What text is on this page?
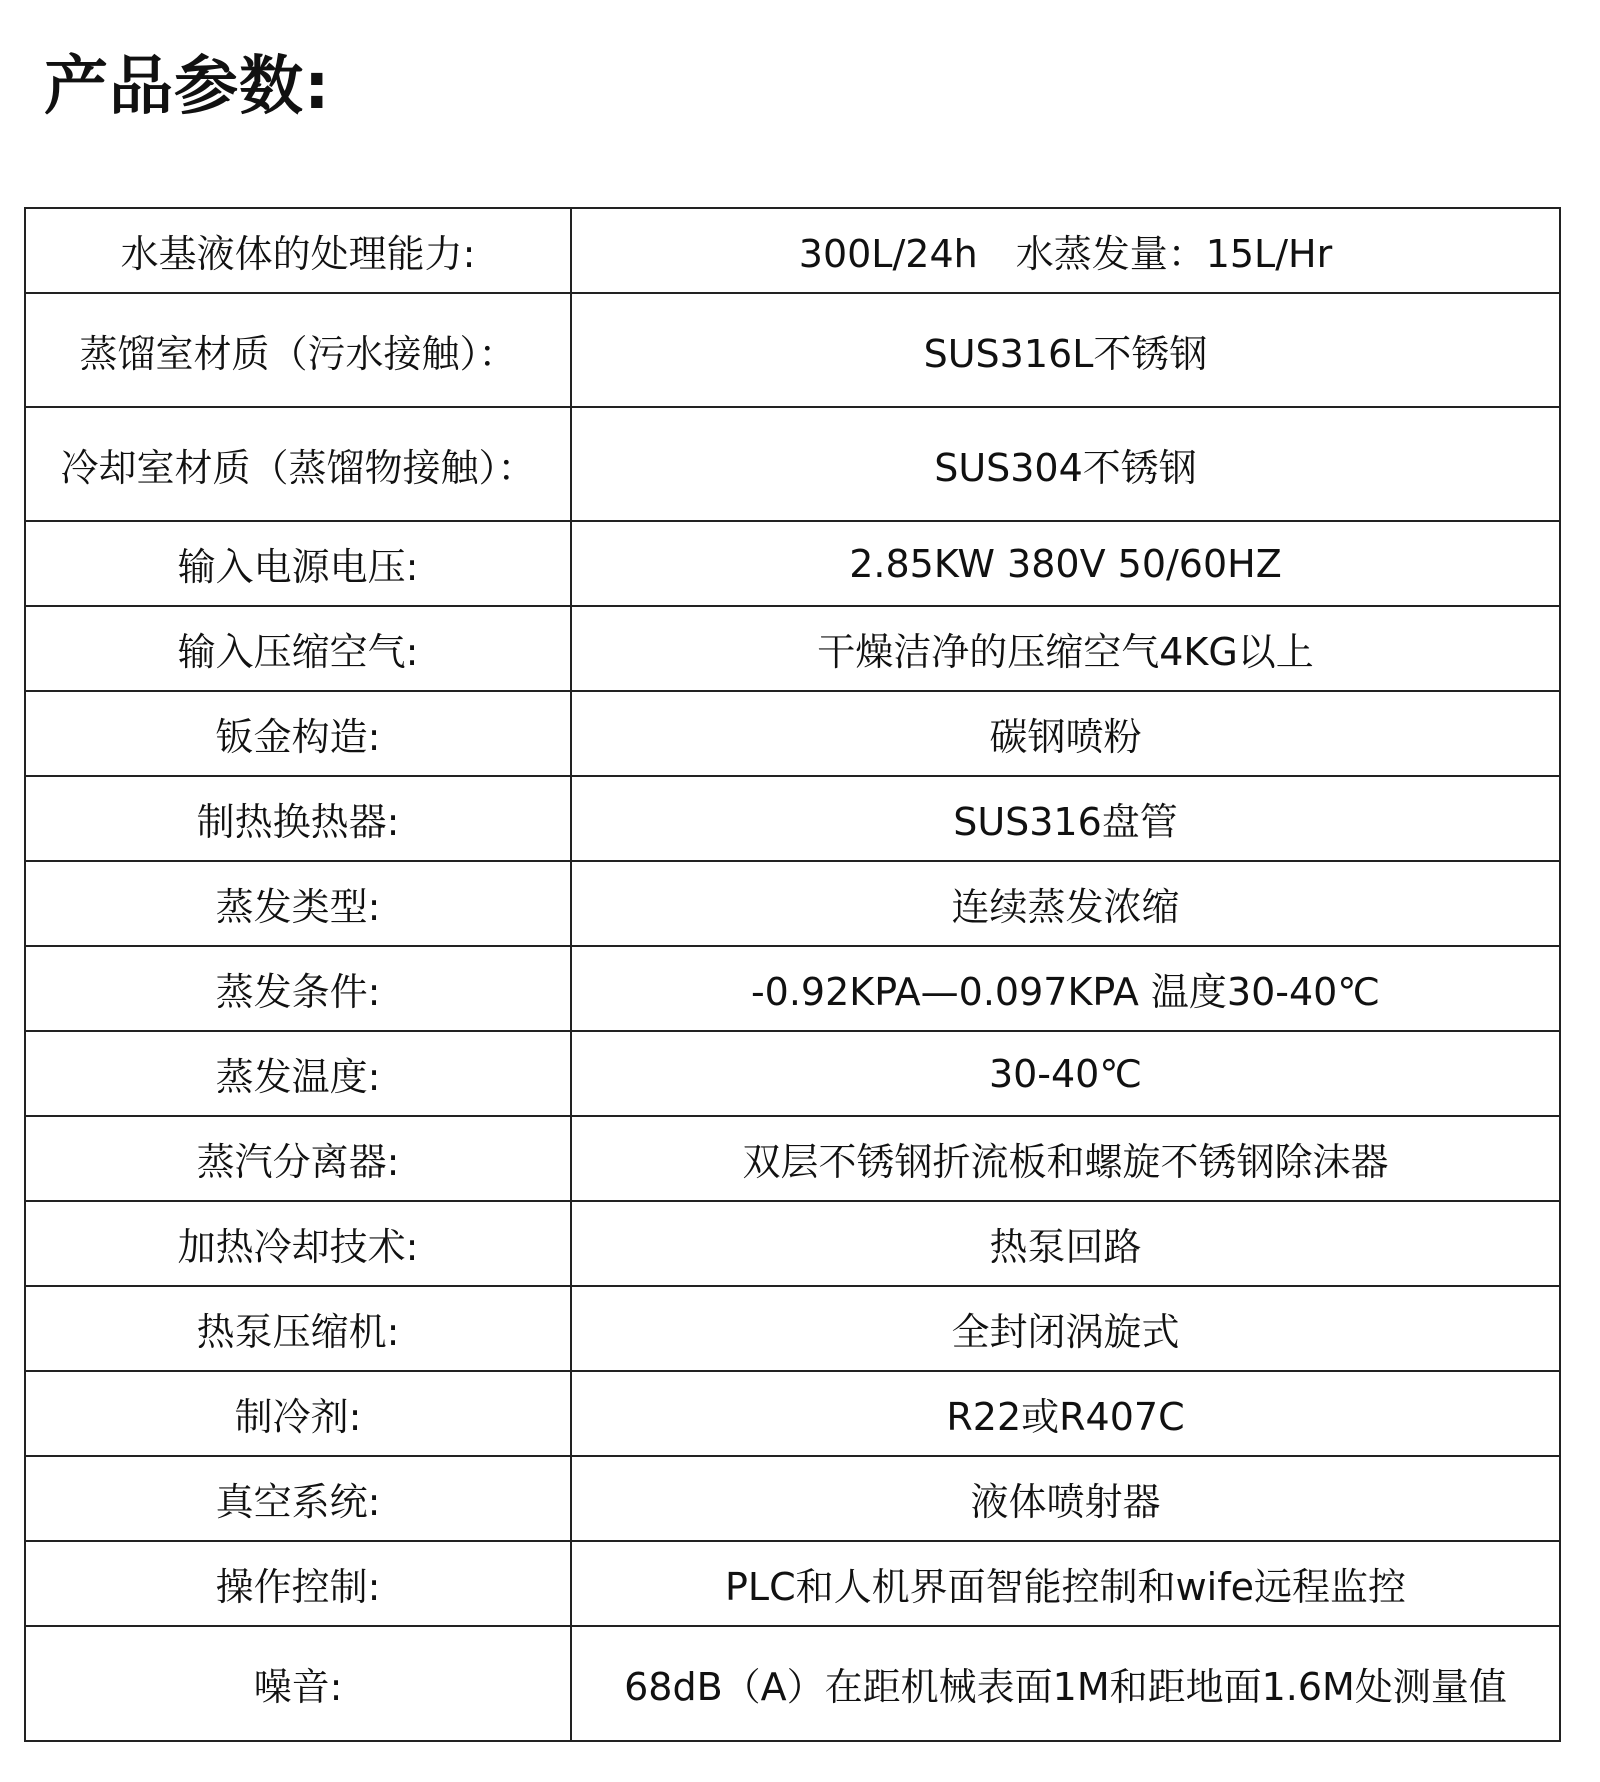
产品参数:
水基液体的处理能力:	300L/24h　水蒸发量：15L/Hr
蒸馏室材质（污水接触）：	SUS316L不锈钢
冷却室材质（蒸馏物接触）：	SUS304不锈钢
输入电源电压:	2.85KW 380V 50/60HZ
输入压缩空气:	干燥洁净的压缩空气4KG以上
钣金构造:	碳钢喷粉
制热换热器:	SUS316盘管
蒸发类型:	连续蒸发浓缩
蒸发条件:	-0.92KPA—0.097KPA 温度30-40℃
蒸发温度:	30-40℃
蒸汽分离器:	双层不锈钢折流板和螺旋不锈钢除沫器
加热冷却技术:	热泵回路
热泵压缩机:	全封闭涡旋式
制冷剂:	R22或R407C
真空系统:	液体喷射器
操作控制:	PLC和人机界面智能控制和wife远程监控
噪音:	68dB（A）在距机械表面1M和距地面1.6M处测量值
